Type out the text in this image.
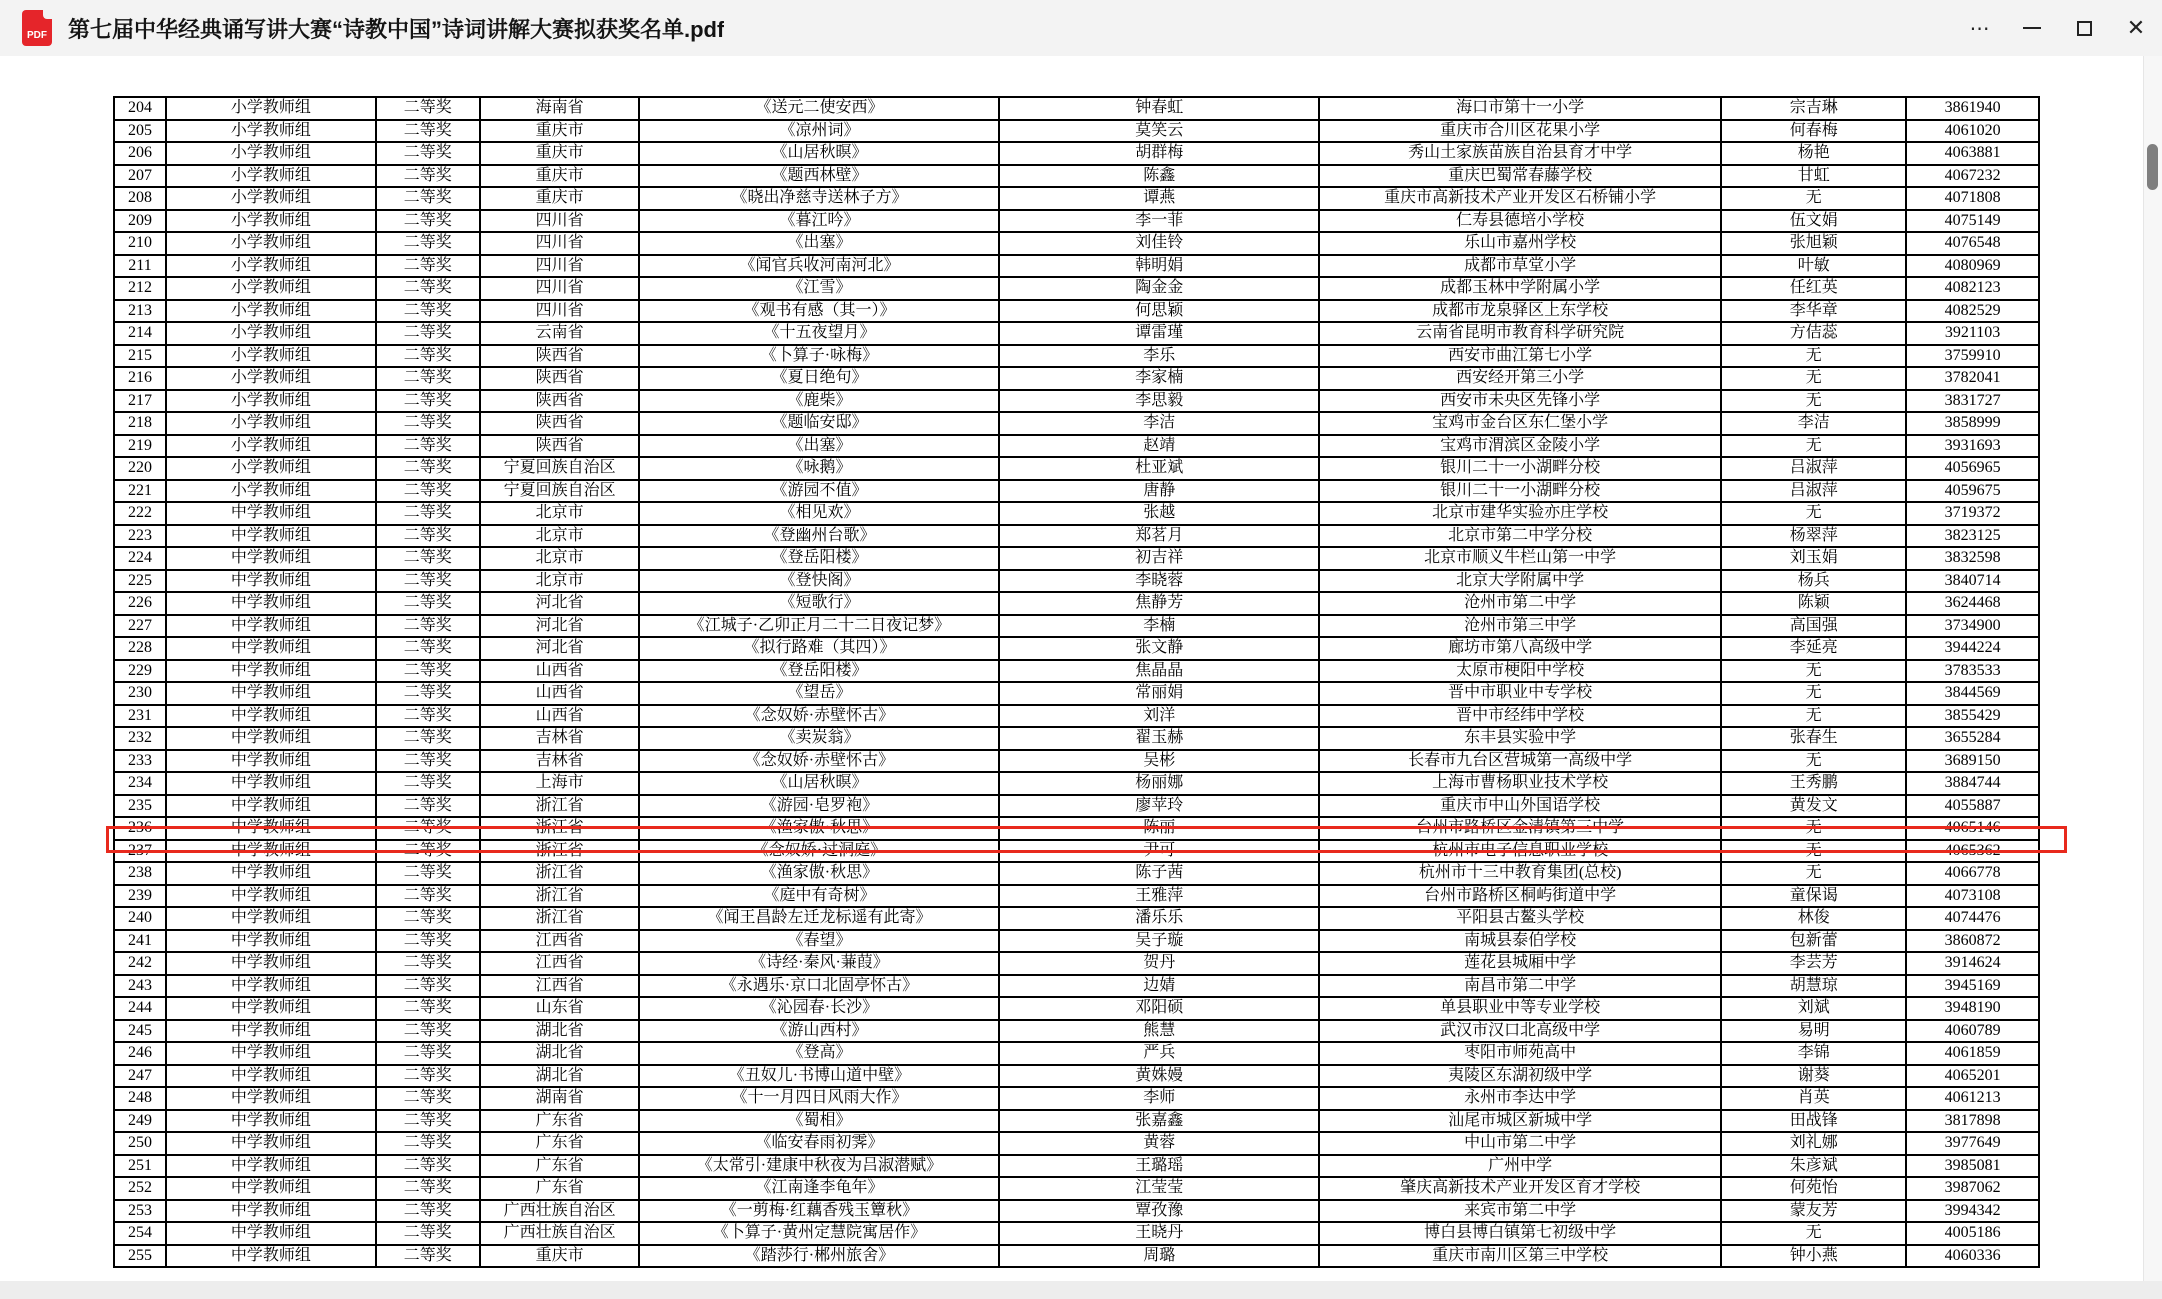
PDF 第七届中华经典诵写讲大赛“诗教中国”诗词讲解大赛拟获奖名单.pdf	⋯	✕
204	小学教师组	二等奖	海南省	《送元二使安西》	钟春虹	海口市第十一小学	宗吉琳	3861940
205	小学教师组	二等奖	重庆市	《凉州词》	莫笑云	重庆市合川区花果小学	何春梅	4061020
206	小学教师组	二等奖	重庆市	《山居秋暝》	胡群梅	秀山土家族苗族自治县育才中学	杨艳	4063881
207	小学教师组	二等奖	重庆市	《题西林壁》	陈鑫	重庆巴蜀常春藤学校	甘虹	4067232
208	小学教师组	二等奖	重庆市	《晓出净慈寺送林子方》	谭燕	重庆市高新技术产业开发区石桥铺小学	无	4071808
209	小学教师组	二等奖	四川省	《暮江吟》	李一菲	仁寿县德培小学校	伍文娟	4075149
210	小学教师组	二等奖	四川省	《出塞》	刘佳铃	乐山市嘉州学校	张旭颖	4076548
211	小学教师组	二等奖	四川省	《闻官兵收河南河北》	韩明娟	成都市草堂小学	叶敏	4080969
212	小学教师组	二等奖	四川省	《江雪》	陶金金	成都玉林中学附属小学	任红英	4082123
213	小学教师组	二等奖	四川省	《观书有感（其一）》	何思颖	成都市龙泉驿区上东学校	李华章	4082529
214	小学教师组	二等奖	云南省	《十五夜望月》	谭雷瑾	云南省昆明市教育科学研究院	方佶蕊	3921103
215	小学教师组	二等奖	陕西省	《卜算子·咏梅》	李乐	西安市曲江第七小学	无	3759910
216	小学教师组	二等奖	陕西省	《夏日绝句》	李家楠	西安经开第三小学	无	3782041
217	小学教师组	二等奖	陕西省	《鹿柴》	李思毅	西安市未央区先锋小学	无	3831727
218	小学教师组	二等奖	陕西省	《题临安邸》	李洁	宝鸡市金台区东仁堡小学	李洁	3858999
219	小学教师组	二等奖	陕西省	《出塞》	赵靖	宝鸡市渭滨区金陵小学	无	3931693
220	小学教师组	二等奖	宁夏回族自治区	《咏鹅》	杜亚斌	银川二十一小湖畔分校	吕淑萍	4056965
221	小学教师组	二等奖	宁夏回族自治区	《游园不值》	唐静	银川二十一小湖畔分校	吕淑萍	4059675
222	中学教师组	二等奖	北京市	《相见欢》	张越	北京市建华实验亦庄学校	无	3719372
223	中学教师组	二等奖	北京市	《登幽州台歌》	郑茗月	北京市第二中学分校	杨翠萍	3823125
224	中学教师组	二等奖	北京市	《登岳阳楼》	初吉祥	北京市顺义牛栏山第一中学	刘玉娟	3832598
225	中学教师组	二等奖	北京市	《登快阁》	李晓蓉	北京大学附属中学	杨兵	3840714
226	中学教师组	二等奖	河北省	《短歌行》	焦静芳	沧州市第二中学	陈颖	3624468
227	中学教师组	二等奖	河北省	《江城子·乙卯正月二十二日夜记梦》	李楠	沧州市第三中学	高国强	3734900
228	中学教师组	二等奖	河北省	《拟行路难（其四）》	张文静	廊坊市第八高级中学	李延亮	3944224
229	中学教师组	二等奖	山西省	《登岳阳楼》	焦晶晶	太原市梗阳中学校	无	3783533
230	中学教师组	二等奖	山西省	《望岳》	常丽娟	晋中市职业中专学校	无	3844569
231	中学教师组	二等奖	山西省	《念奴娇·赤壁怀古》	刘洋	晋中市经纬中学校	无	3855429
232	中学教师组	二等奖	吉林省	《卖炭翁》	翟玉赫	东丰县实验中学	张春生	3655284
233	中学教师组	二等奖	吉林省	《念奴娇·赤壁怀古》	吴彬	长春市九台区营城第一高级中学	无	3689150
234	中学教师组	二等奖	上海市	《山居秋暝》	杨丽娜	上海市曹杨职业技术学校	王秀鹏	3884744
235	中学教师组	二等奖	浙江省	《游园·皂罗袍》	廖苹玲	重庆市中山外国语学校	黄发文	4055887
236	中学教师组	二等奖	浙江省	《渔家傲·秋思》	陈丽	台州市路桥区金清镇第三中学	无	4065146
237	中学教师组	二等奖	浙江省	《念奴娇·过洞庭》	尹可	杭州市电子信息职业学校	无	4065362
238	中学教师组	二等奖	浙江省	《渔家傲·秋思》	陈子茜	杭州市十三中教育集团(总校)	无	4066778
239	中学教师组	二等奖	浙江省	《庭中有奇树》	王雅萍	台州市路桥区桐屿街道中学	童保谒	4073108
240	中学教师组	二等奖	浙江省	《闻王昌龄左迁龙标遥有此寄》	潘乐乐	平阳县古鳌头学校	林俊	4074476
241	中学教师组	二等奖	江西省	《春望》	吴子璇	南城县泰伯学校	包新蕾	3860872
242	中学教师组	二等奖	江西省	《诗经·秦风·蒹葭》	贺丹	莲花县城厢中学	李芸芳	3914624
243	中学教师组	二等奖	江西省	《永遇乐·京口北固亭怀古》	边婧	南昌市第二中学	胡慧琼	3945169
244	中学教师组	二等奖	山东省	《沁园春·长沙》	邓阳硕	单县职业中等专业学校	刘斌	3948190
245	中学教师组	二等奖	湖北省	《游山西村》	熊慧	武汉市汉口北高级中学	易明	4060789
246	中学教师组	二等奖	湖北省	《登高》	严兵	枣阳市师苑高中	李锦	4061859
247	中学教师组	二等奖	湖北省	《丑奴儿·书博山道中壁》	黄姝嫚	夷陵区东湖初级中学	谢葵	4065201
248	中学教师组	二等奖	湖南省	《十一月四日风雨大作》	李师	永州市李达中学	肖英	4061213
249	中学教师组	二等奖	广东省	《蜀相》	张嘉鑫	汕尾市城区新城中学	田战锋	3817898
250	中学教师组	二等奖	广东省	《临安春雨初霁》	黄蓉	中山市第二中学	刘礼娜	3977649
251	中学教师组	二等奖	广东省	《太常引·建康中秋夜为吕淑潜赋》	王璐瑶	广州中学	朱彦斌	3985081
252	中学教师组	二等奖	广东省	《江南逢李龟年》	江莹莹	肇庆高新技术产业开发区育才学校	何苑怡	3987062
253	中学教师组	二等奖	广西壮族自治区	《一剪梅·红藕香残玉簟秋》	覃孜豫	来宾市第二中学	蒙友芳	3994342
254	中学教师组	二等奖	广西壮族自治区	《卜算子·黄州定慧院寓居作》	王晓丹	博白县博白镇第七初级中学	无	4005186
255	中学教师组	二等奖	重庆市	《踏莎行·郴州旅舍》	周璐	重庆市南川区第三中学校	钟小燕	4060336
